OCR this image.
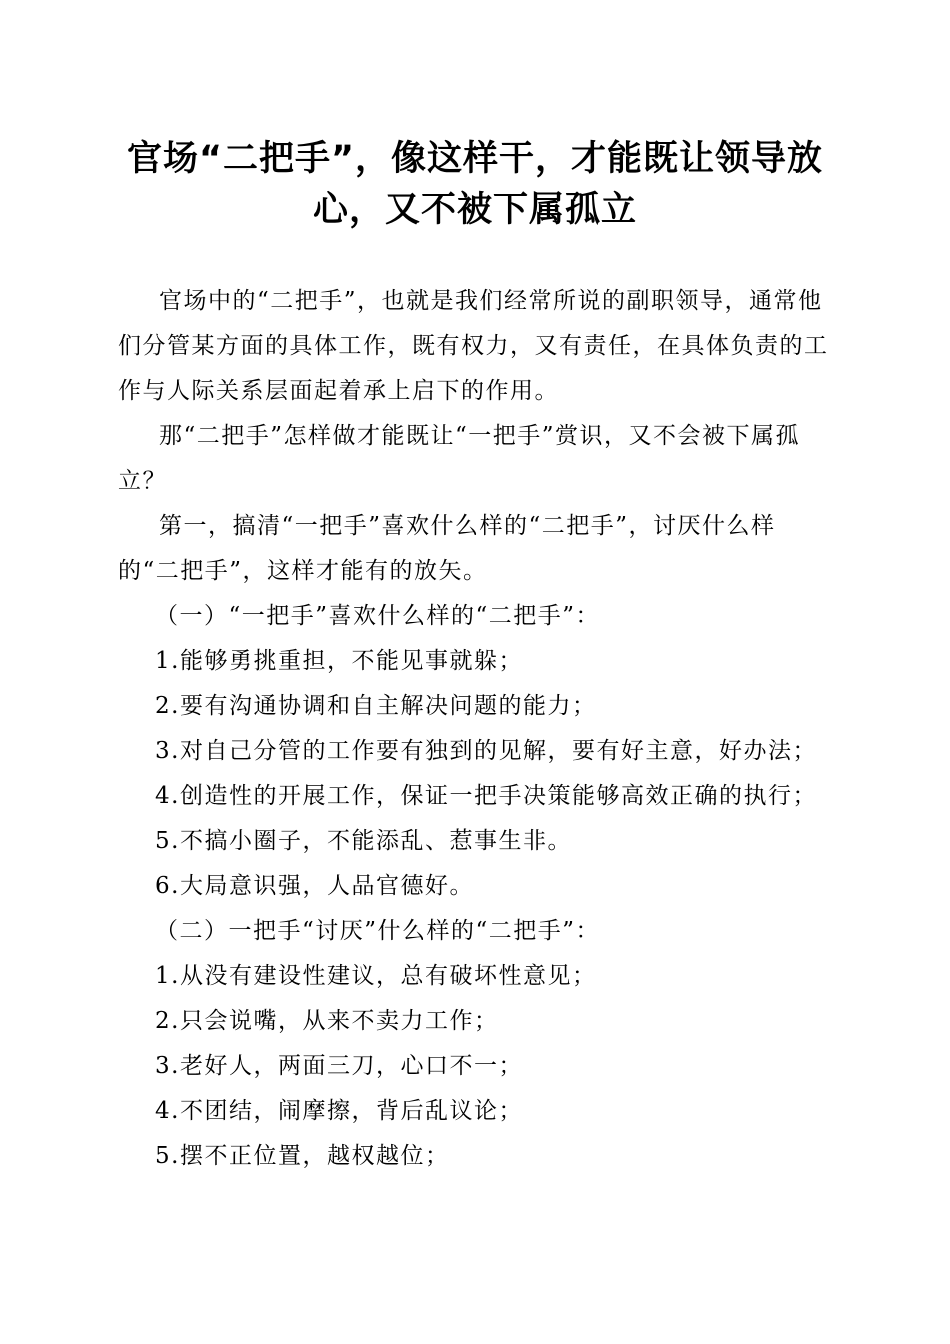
官场“二把手”，像这样干，才能既让领导放心，又不被下属孤立

官场中的“二把手”，也就是我们经常所说的副职领导，通常他们分管某方面的具体工作，既有权力，又有责任，在具体负责的工作与人际关系层面起着承上启下的作用。

那“二把手”怎样做才能既让“一把手”赏识，又不会被下属孤立？

第一，搞清“一把手”喜欢什么样的“二把手”，讨厌什么样的“二把手”，这样才能有的放矢。

（一）“一把手”喜欢什么样的“二把手”：

1.能够勇挑重担，不能见事就躲；

2.要有沟通协调和自主解决问题的能力；

3.对自己分管的工作要有独到的见解，要有好主意，好办法；

4.创造性的开展工作，保证一把手决策能够高效正确的执行；

5.不搞小圈子，不能添乱、惹事生非。

6.大局意识强，人品官德好。

（二）一把手“讨厌”什么样的“二把手”：

1.从没有建设性建议，总有破坏性意见；

2.只会说嘴，从来不卖力工作；

3.老好人，两面三刀，心口不一；

4.不团结，闹摩擦，背后乱议论；

5.摆不正位置，越权越位；
